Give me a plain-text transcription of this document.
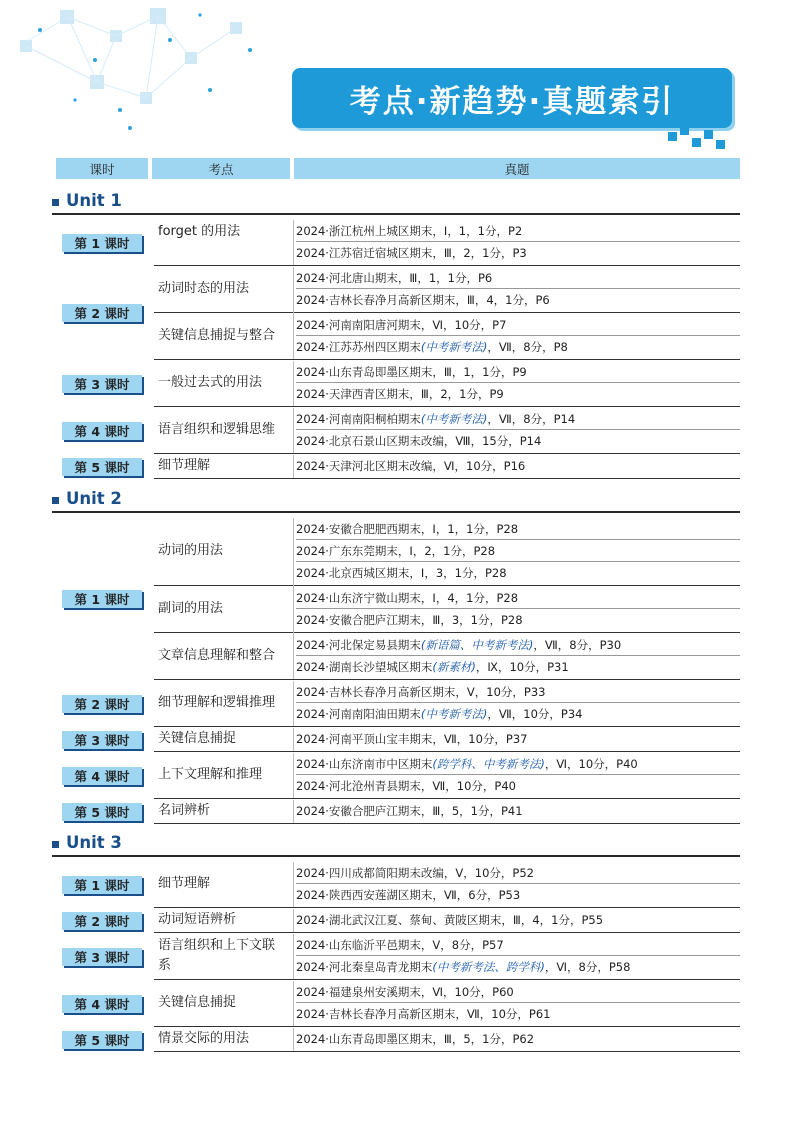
考点·新趋势·真题索引
课时	考点	真题
Unit 1
2024·浙江杭州上城区期末，Ⅰ，1，1分，P2
2024·江苏宿迁宿城区期末，Ⅲ，2，1分，P3
forget 的用法
第 1 课时
2024·河北唐山期末，Ⅲ，1，1分，P6
2024·吉林长春净月高新区期末，Ⅲ，4，1分，P6
动词时态的用法
2024·河南南阳唐河期末，Ⅵ，10分，P7
2024·江苏苏州四区期末(中考新考法)，Ⅶ，8分，P8
关键信息捕捉与整合
第 2 课时
2024·山东青岛即墨区期末，Ⅲ，1，1分，P9
2024·天津西青区期末，Ⅲ，2，1分，P9
一般过去式的用法
第 3 课时
2024·河南南阳桐柏期末(中考新考法)，Ⅶ，8分，P14
2024·北京石景山区期末改编，Ⅷ，15分，P14
语言组织和逻辑思维
第 4 课时
2024·天津河北区期末改编，Ⅵ，10分，P16
细节理解
第 5 课时
Unit 2
2024·安徽合肥肥西期末，Ⅰ，1，1分，P28
2024·广东东莞期末，Ⅰ，2，1分，P28
2024·北京西城区期末，Ⅰ，3，1分，P28
动词的用法
2024·山东济宁微山期末，Ⅰ，4，1分，P28
2024·安徽合肥庐江期末，Ⅲ，3，1分，P28
副词的用法
2024·河北保定易县期末(新语篇、中考新考法)，Ⅶ，8分，P30
2024·湖南长沙望城区期末(新素材)，Ⅸ，10分，P31
文章信息理解和整合
第 1 课时
2024·吉林长春净月高新区期末，Ⅴ，10分，P33
2024·河南南阳油田期末(中考新考法)，Ⅶ，10分，P34
细节理解和逻辑推理
第 2 课时
2024·河南平顶山宝丰期末，Ⅶ，10分，P37
关键信息捕捉
第 3 课时
2024·山东济南市中区期末(跨学科、中考新考法)，Ⅵ，10分，P40
2024·河北沧州青县期末，Ⅶ，10分，P40
上下文理解和推理
第 4 课时
2024·安徽合肥庐江期末，Ⅲ，5，1分，P41
名词辨析
第 5 课时
Unit 3
2024·四川成都简阳期末改编，Ⅴ，10分，P52
2024·陕西西安莲湖区期末，Ⅶ，6分，P53
细节理解
第 1 课时
2024·湖北武汉江夏、蔡甸、黄陂区期末，Ⅲ，4，1分，P55
动词短语辨析
第 2 课时
2024·山东临沂平邑期末，Ⅴ，8分，P57
2024·河北秦皇岛青龙期末(中考新考法、跨学科)，Ⅵ，8分，P58
语言组织和上下文联系
第 3 课时
2024·福建泉州安溪期末，Ⅵ，10分，P60
2024·吉林长春净月高新区期末，Ⅶ，10分，P61
关键信息捕捉
第 4 课时
2024·山东青岛即墨区期末，Ⅲ，5，1分，P62
情景交际的用法
第 5 课时
